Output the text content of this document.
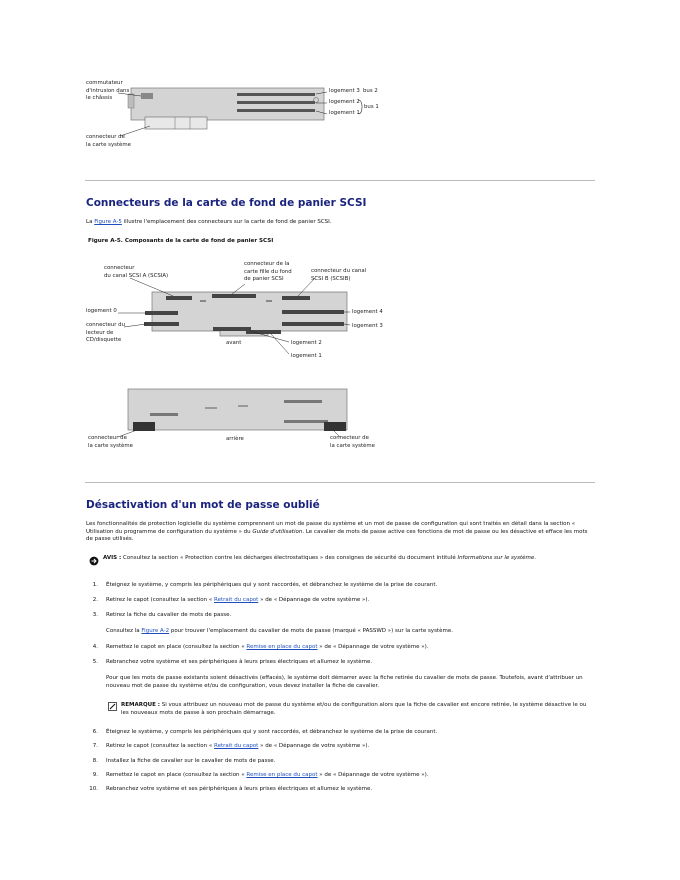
commutateur
d'intrusion dans
le châssis
logement 3 bus 2
logement 2
bus 1
logement 1
connecteur de
la carte système
Connecteurs de la carte de fond de panier SCSI
La Figure A-5 illustre l'emplacement des connecteurs sur la carte de fond de panier SCSI.
Figure A-5. Composants de la carte de fond de panier SCSI
connecteur
du canal SCSI A (SCSIA)
connecteur de la
carte fille du fond
de panier SCSI
connecteur du canal
SCSI B (SCSIB)
logement 0
connecteur du
lecteur de
CD/disquette	avant	logement 2
logement 1
logement 4
logement 3
connecteur de
la carte système
arrière	connecteur de
la carte système
Désactivation d'un mot de passe oublié
Les fonctionnalités de protection logicielle du système comprennent un mot de passe du système et un mot de passe de configuration qui sont traités en détail dans la section « Utilisation du programme de configuration du système » du Guide d'utilisation. Le cavalier de mots de passe active ces fonctions de mot de passe ou les désactive et efface les mots de passe utilisés.
AVIS : Consultez la section « Protection contre les décharges électrostatiques » des consignes de sécurité du document intitulé Informations sur le système.
1. Éteignez le système, y compris les périphériques qui y sont raccordés, et débranchez le système de la prise de courant.
2. Retirez le capot (consultez la section « Retrait du capot » de « Dépannage de votre système »).
3. Retirez la fiche du cavalier de mots de passe.
Consultez la Figure A-2 pour trouver l'emplacement du cavalier de mots de passe (marqué « PASSWD ») sur la carte système.
4. Remettez le capot en place (consultez la section « Remise en place du capot » de « Dépannage de votre système »).
5. Rebranchez votre système et ses périphériques à leurs prises électriques et allumez le système.
Pour que les mots de passe existants soient désactivés (effacés), le système doit démarrer avec la fiche retirée du cavalier de mots de passe. Toutefois, avant d'attribuer un nouveau mot de passe du système et/ou de configuration, vous devez installer la fiche de cavalier.
REMARQUE : Si vous attribuez un nouveau mot de passe du système et/ou de configuration alors que la fiche de cavalier est encore retirée, le système désactive le ou les nouveaux mots de passe à son prochain démarrage.
6. Éteignez le système, y compris les périphériques qui y sont raccordés, et débranchez le système de la prise de courant.
7. Retirez le capot (consultez la section « Retrait du capot » de « Dépannage de votre système »).
8. Installez la fiche de cavalier sur le cavalier de mots de passe.
9. Remettez le capot en place (consultez la section « Remise en place du capot » de « Dépannage de votre système »).
10. Rebranchez votre système et ses périphériques à leurs prises électriques et allumez le système.
